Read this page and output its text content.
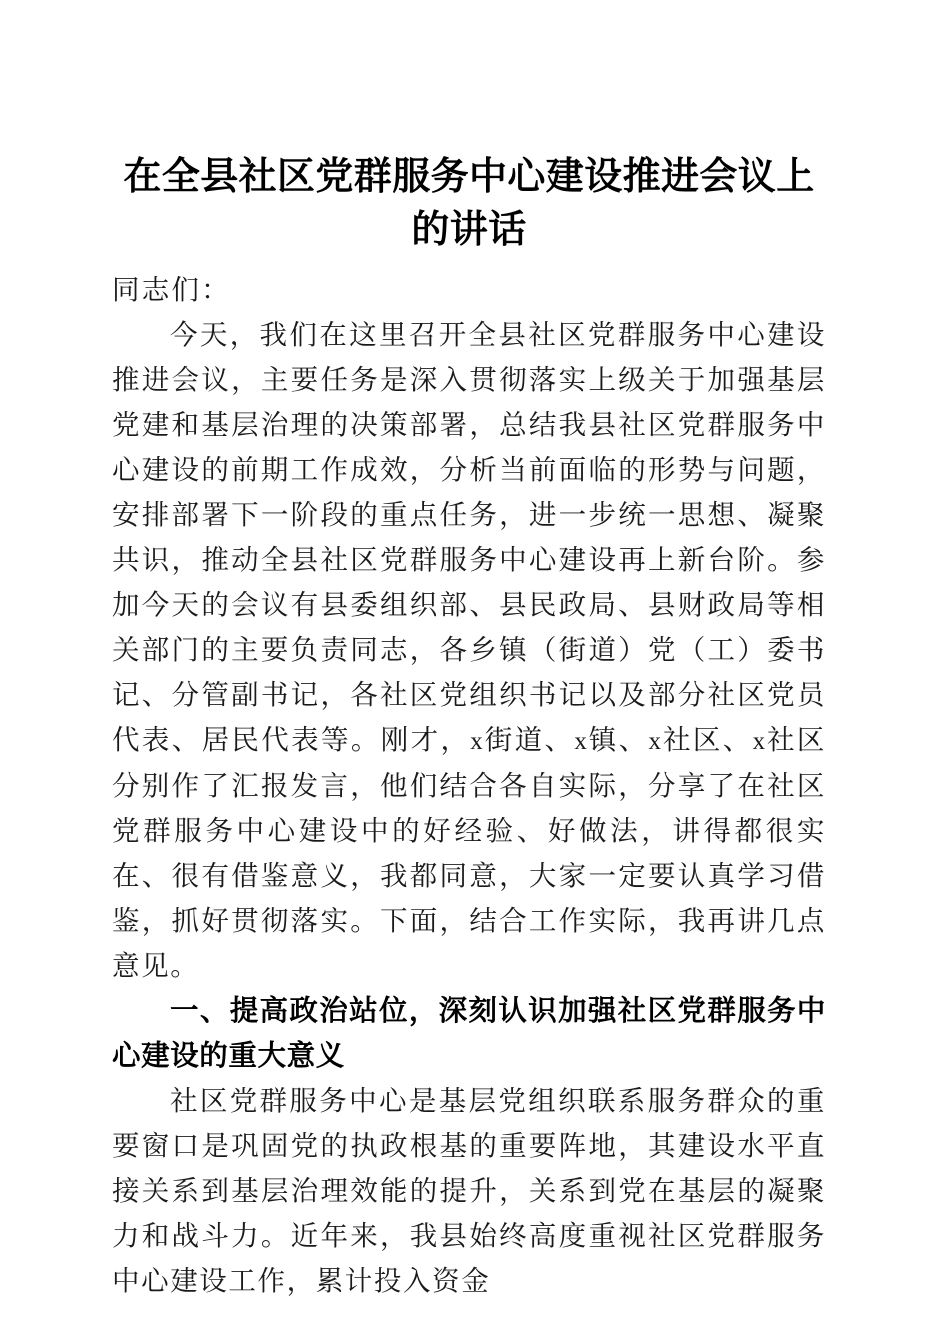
在全县社区党群服务中心建设推进会议上的讲话

同志们：

今天，我们在这里召开全县社区党群服务中心建设推进会议，主要任务是深入贯彻落实上级关于加强基层党建和基层治理的决策部署，总结我县社区党群服务中心建设的前期工作成效，分析当前面临的形势与问题，安排部署下一阶段的重点任务，进一步统一思想、凝聚共识，推动全县社区党群服务中心建设再上新台阶。参加今天的会议有县委组织部、县民政局、县财政局等相关部门的主要负责同志，各乡镇（街道）党（工）委书记、分管副书记，各社区党组织书记以及部分社区党员代表、居民代表等。刚才，x街道、x镇、x社区、x社区分别作了汇报发言，他们结合各自实际，分享了在社区党群服务中心建设中的好经验、好做法，讲得都很实在、很有借鉴意义，我都同意，大家一定要认真学习借鉴，抓好贯彻落实。下面，结合工作实际，我再讲几点意见。

一、提高政治站位，深刻认识加强社区党群服务中心建设的重大意义

社区党群服务中心是基层党组织联系服务群众的重要窗口是巩固党的执政根基的重要阵地，其建设水平直接关系到基层治理效能的提升，关系到党在基层的凝聚力和战斗力。近年来，我县始终高度重视社区党群服务中心建设工作，累计投入资金
